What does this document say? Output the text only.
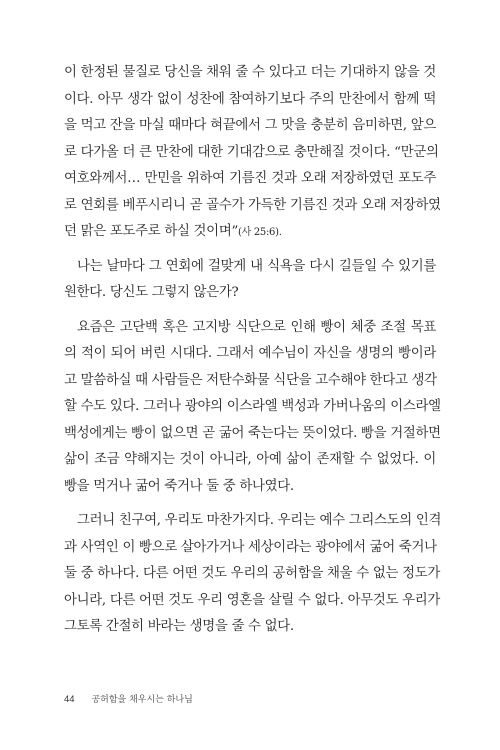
이 한정된 물질로 당신을 채워 줄 수 있다고 더는 기대하지 않을 것
이다. 아무 생각 없이 성찬에 참여하기보다 주의 만찬에서 함께 떡
을 먹고 잔을 마실 때마다 혀끝에서 그 맛을 충분히 음미하면, 앞으
로 다가올 더 큰 만찬에 대한 기대감으로 충만해질 것이다. “만군의
여호와께서… 만민을 위하여 기름진 것과 오래 저장하였던 포도주
로 연회를 베푸시리니 곧 골수가 가득한 기름진 것과 오래 저장하였
던 맑은 포도주로 하실 것이며”(사 25:6).
나는 날마다 그 연회에 걸맞게 내 식욕을 다시 길들일 수 있기를
원한다. 당신도 그렇지 않은가?
요즘은 고단백 혹은 고지방 식단으로 인해 빵이 체중 조절 목표
의 적이 되어 버린 시대다. 그래서 예수님이 자신을 생명의 빵이라
고 말씀하실 때 사람들은 저탄수화물 식단을 고수해야 한다고 생각
할 수도 있다. 그러나 광야의 이스라엘 백성과 가버나움의 이스라엘
백성에게는 빵이 없으면 곧 굶어 죽는다는 뜻이었다. 빵을 거절하면
삶이 조금 약해지는 것이 아니라, 아예 삶이 존재할 수 없었다. 이
빵을 먹거나 굶어 죽거나 둘 중 하나였다.
그러니 친구여, 우리도 마찬가지다. 우리는 예수 그리스도의 인격
과 사역인 이 빵으로 살아가거나 세상이라는 광야에서 굶어 죽거나
둘 중 하나다. 다른 어떤 것도 우리의 공허함을 채울 수 없는 정도가
아니라, 다른 어떤 것도 우리 영혼을 살릴 수 없다. 아무것도 우리가
그토록 간절히 바라는 생명을 줄 수 없다.
44 공허함을 채우시는 하나님
